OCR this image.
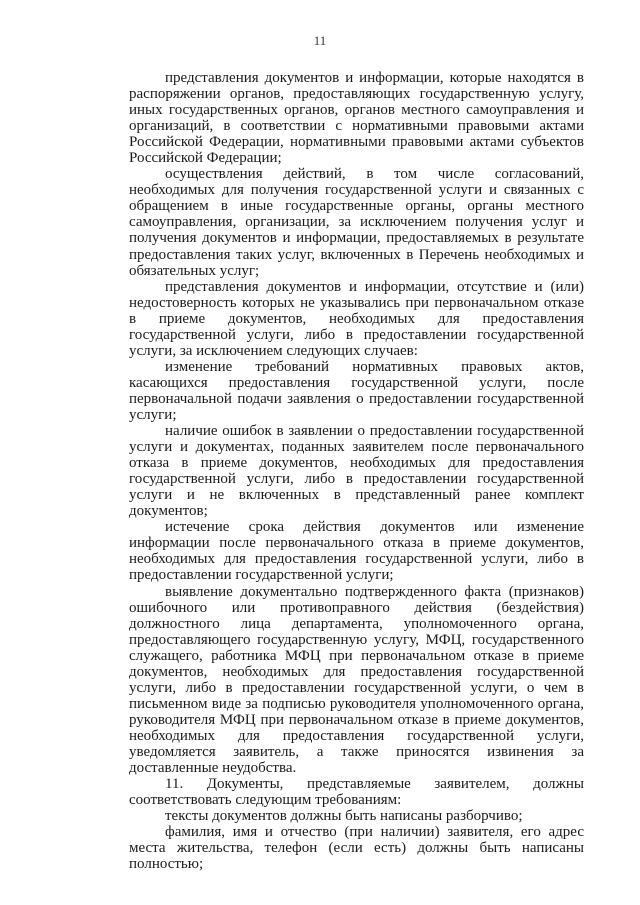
11

представления документов и информации, которые находятся в распоряжении органов, предоставляющих государственную услугу, иных государственных органов, органов местного самоуправления и организаций, в соответствии с нормативными правовыми актами Российской Федерации, нормативными правовыми актами субъектов Российской Федерации;

осуществления действий, в том числе согласований, необходимых для получения государственной услуги и связанных с обращением в иные государственные органы, органы местного самоуправления, организации, за исключением получения услуг и получения документов и информации, предоставляемых в результате предоставления таких услуг, включенных в Перечень необходимых и обязательных услуг;

представления документов и информации, отсутствие и (или) недостоверность которых не указывались при первоначальном отказе в приеме документов, необходимых для предоставления государственной услуги, либо в предоставлении государственной услуги, за исключением следующих случаев:

изменение требований нормативных правовых актов, касающихся предоставления государственной услуги, после первоначальной подачи заявления о предоставлении государственной услуги;

наличие ошибок в заявлении о предоставлении государственной услуги и документах, поданных заявителем после первоначального отказа в приеме документов, необходимых для предоставления государственной услуги, либо в предоставлении государственной услуги и не включенных в представленный ранее комплект документов;

истечение срока действия документов или изменение информации после первоначального отказа в приеме документов, необходимых для предоставления государственной услуги, либо в предоставлении государственной услуги;

выявление документально подтвержденного факта (признаков) ошибочного или противоправного действия (бездействия) должностного лица департамента, уполномоченного органа, предоставляющего государственную услугу, МФЦ, государственного служащего, работника МФЦ при первоначальном отказе в приеме документов, необходимых для предоставления государственной услуги, либо в предоставлении государственной услуги, о чем в письменном виде за подписью руководителя уполномоченного органа, руководителя МФЦ при первоначальном отказе в приеме документов, необходимых для предоставления государственной услуги, уведомляется заявитель, а также приносятся извинения за доставленные неудобства.

11. Документы, представляемые заявителем, должны соответствовать следующим требованиям:

тексты документов должны быть написаны разборчиво;

фамилия, имя и отчество (при наличии) заявителя, его адрес места жительства, телефон (если есть) должны быть написаны полностью;
